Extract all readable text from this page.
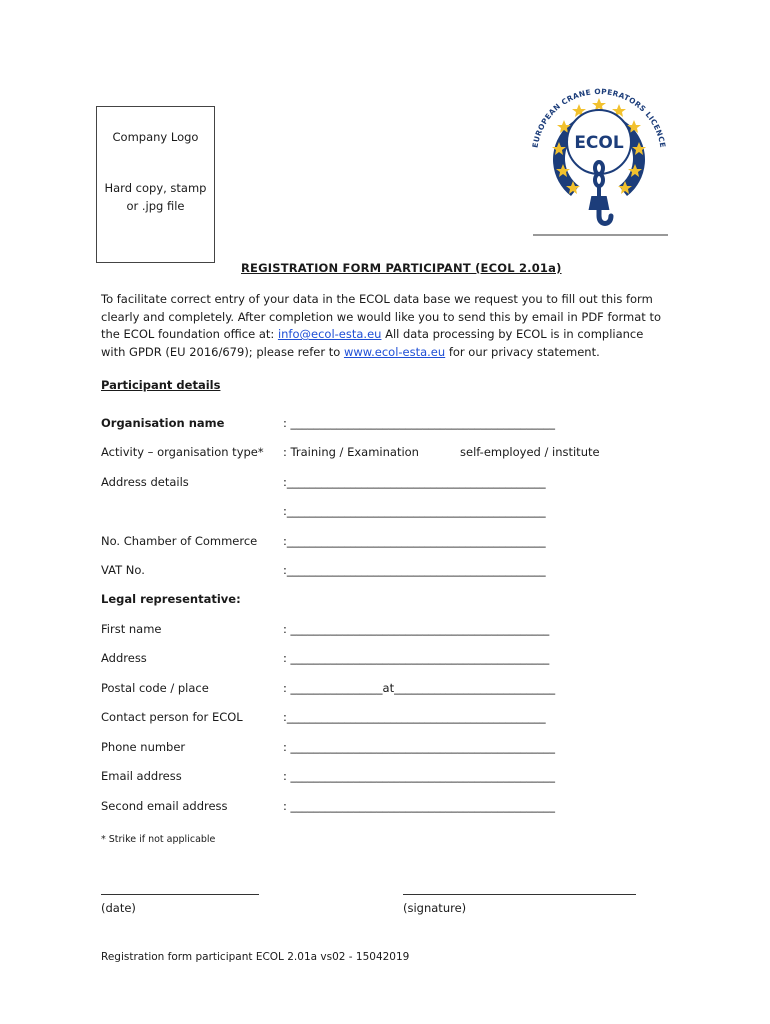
Company Logo
Hard copy, stamp
or .jpg file
EUROPEAN CRANE OPERATORS LICENCE
ECOL
REGISTRATION FORM PARTICIPANT (ECOL 2.01a)
To facilitate correct entry of your data in the ECOL data base we request you to fill out this form
clearly and completely. After completion we would like you to send this by email in PDF format to
the ECOL foundation office at: info@ecol-esta.eu All data processing by ECOL is in compliance
with GPDR (EU 2016/679); please refer to www.ecol-esta.eu for our privacy statement.
Participant details
Organisation name	: ______________________________________________
Activity – organisation type* : Training / Examination	self-employed / institute
Address details	:_____________________________________________
:_____________________________________________
No. Chamber of Commerce :_____________________________________________
VAT No.	:_____________________________________________
Legal representative:
First name	: _____________________________________________
Address	: _____________________________________________
Postal code / place	: ________________at____________________________
Contact person for ECOL	:_____________________________________________
Phone number	: ______________________________________________
Email address	: ______________________________________________
Second email address	: ______________________________________________
* Strike if not applicable
(date)	(signature)
Registration form participant ECOL 2.01a vs02 - 15042019
